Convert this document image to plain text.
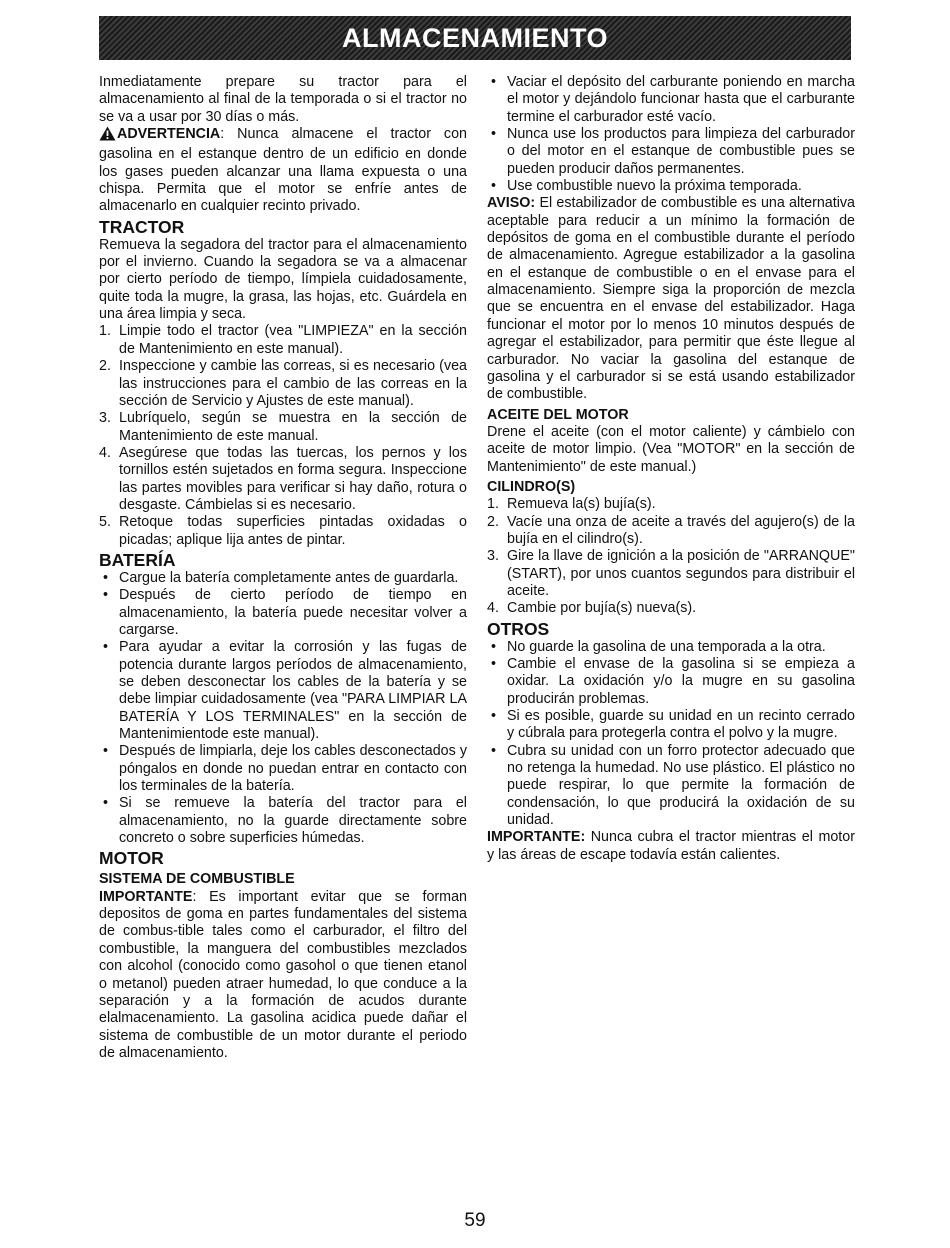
ALMACENAMIENTO

Inmediatamente prepare su tractor para el almacenamiento al final de la temporada o si el tractor no se va a usar por 30 días o más.

ADVERTENCIA: Nunca almacene el tractor con gasolina en el estanque dentro de un edificio en donde los gases pueden alcanzar una llama expuesta o una chispa. Permita que el motor se enfríe antes de almacenarlo en cualquier recinto privado.

TRACTOR

Remueva la segadora del tractor para el almacenamiento por el invierno. Cuando la segadora se va a almacenar por cierto período de tiempo, límpiela cuidadosamente, quite toda la mugre, la grasa, las hojas, etc. Guárdela en una área limpia y seca.

1. Limpie todo el tractor (vea "LIMPIEZA" en la sección de Mantenimiento en este manual).
2. Inspeccione y cambie las correas, si es necesario (vea las instrucciones para el cambio de las correas en la sección de Servicio y Ajustes de este manual).
3. Lubríquelo, según se muestra en la sección de Mantenimiento de este manual.
4. Asegúrese que todas las tuercas, los pernos y los tornillos estén sujetados en forma segura. Inspeccione las partes movibles para verificar si hay daño, rotura o desgaste. Cámbielas si es necesario.
5. Retoque todas superficies pintadas oxidadas o picadas; aplique lija antes de pintar.
BATERÍA
• Cargue la batería completamente antes de guardarla.
• Después de cierto período de tiempo en almacenamiento, la batería puede necesitar volver a cargarse.
• Para ayudar a evitar la corrosión y las fugas de potencia durante largos períodos de almacenamiento, se deben desconectar los cables de la batería y se debe limpiar cuidadosamente (vea "PARA LIMPIAR LA BATERÍA Y LOS TERMINALES" en la sección de Mantenimientode este manual).
• Después de limpiarla, deje los cables desconectados y póngalos en donde no puedan entrar en contacto con los terminales de la batería.
• Si se remueve la batería del tractor para el almacenamiento, no la guarde directamente sobre concreto o sobre superficies húmedas.
MOTOR
SISTEMA DE COMBUSTIBLE

IMPORTANTE: Es important evitar que se forman depositos de goma en partes fundamentales del sistema de combus-tible tales como el carburador, el filtro del combustible, la manguera del combustibles mezclados con alcohol (conocido como gasohol o que tienen etanol o metanol) pueden atraer humedad, lo que conduce a la separación y a la formación de acudos durante elalmacenamiento. La gasolina acidica puede dañar el sistema de combustible de un motor durante el periodo de almacenamiento.

• Vaciar el depósito del carburante poniendo en marcha el motor y dejándolo funcionar hasta que el carburante termine el carburador esté vacío.
• Nunca use los productos para limpieza del carburador o del motor en el estanque de combustible pues se pueden producir daños permanentes.
• Use combustible nuevo la próxima temporada.

AVISO: El estabilizador de combustible es una alternativa aceptable para reducir a un mínimo la formación de depósitos de goma en el combustible durante el período de almacenamiento. Agregue estabilizador a la gasolina en el estanque de combustible o en el envase para el almacenamiento. Siempre siga la proporción de mezcla que se encuentra en el envase del estabilizador. Haga funcionar el motor por lo menos 10 minutos después de agregar el estabilizador, para permitir que éste llegue al carburador. No vaciar la gasolina del estanque de gasolina y el carburador si se está usando estabilizador de combustible.

ACEITE DEL MOTOR

Drene el aceite (con el motor caliente) y cámbielo con aceite de motor limpio. (Vea "MOTOR" en la sección de Mantenimiento" de este manual.)

CILINDRO(S)
1. Remueva la(s) bujía(s).
2. Vacíe una onza de aceite a través del agujero(s) de la bujía en el cilindro(s).
3. Gire la llave de ignición a la posición de "ARRANQUE" (START), por unos cuantos segundos para distribuir el aceite.
4. Cambie por bujía(s) nueva(s).
OTROS
• No guarde la gasolina de una temporada a la otra.
• Cambie el envase de la gasolina si se empieza a oxidar. La oxidación y/o la mugre en su gasolina producirán problemas.
• Si es posible, guarde su unidad en un recinto cerrado y cúbrala para protegerla contra el polvo y la mugre.
• Cubra su unidad con un forro protector adecuado que no retenga la humedad. No use plástico. El plástico no puede respirar, lo que permite la formación de condensación, lo que producirá la oxidación de su unidad.

IMPORTANTE: Nunca cubra el tractor mientras el motor y las áreas de escape todavía están calientes.

59
